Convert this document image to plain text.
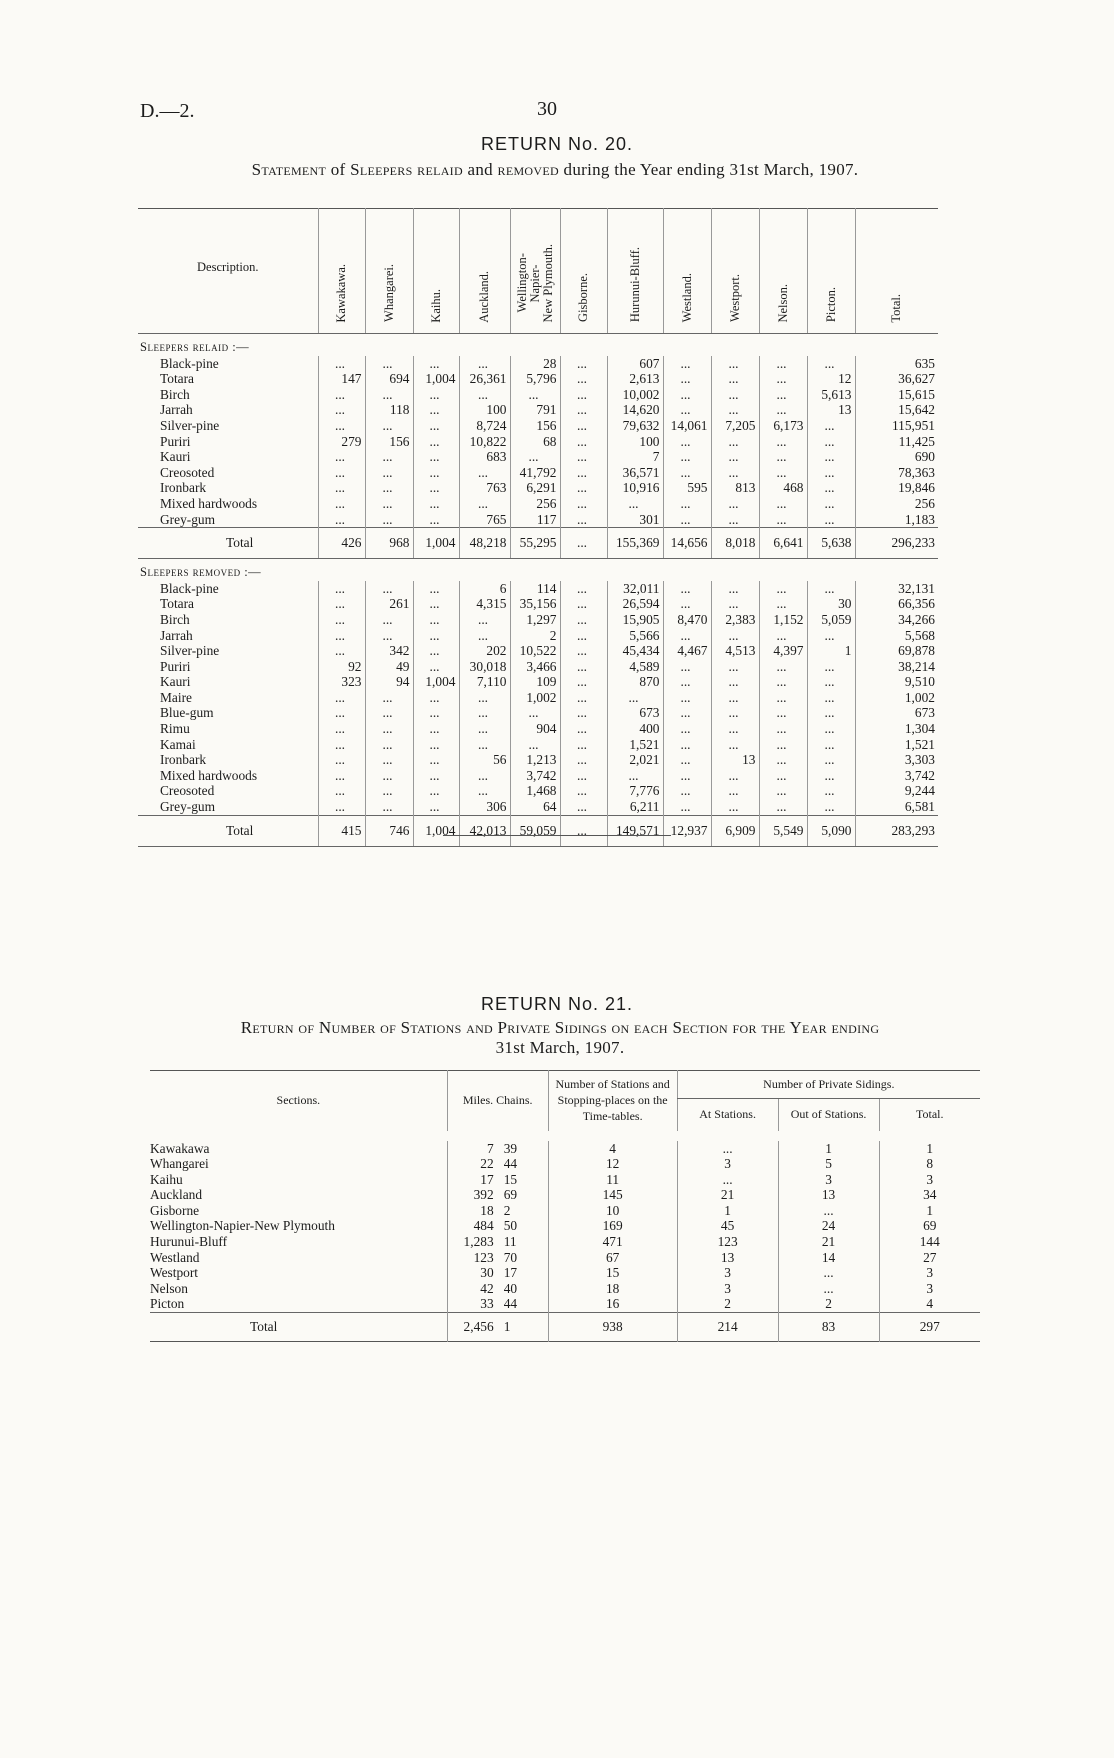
D.—2.	30
RETURN No. 20.
Statement of Sleepers relaid and removed during the Year ending 31st March, 1907.
Description.	Kawakawa.	Whangarei.	Kaihu.	Auckland.	Wellington-
Napier-
New Plymouth.	Gisborne.	Hurunui-Bluff.	Westland.	Westport.	Nelson.	Picton.	Total.
Sleepers relaid :—												
Black-pine	...	...	...	...	28	...	607	...	...	...	...	635
Totara	147	694	1,004	26,361	5,796	...	2,613	...	...	...	12	36,627
Birch	...	...	...	...	...	...	10,002	...	...	...	5,613	15,615
Jarrah	...	118	...	100	791	...	14,620	...	...	...	13	15,642
Silver-pine	...	...	...	8,724	156	...	79,632	14,061	7,205	6,173	...	115,951
Puriri	279	156	...	10,822	68	...	100	...	...	...	...	11,425
Kauri	...	...	...	683	...	...	7	...	...	...	...	690
Creosoted	...	...	...	...	41,792	...	36,571	...	...	...	...	78,363
Ironbark	...	...	...	763	6,291	...	10,916	595	813	468	...	19,846
Mixed hardwoods	...	...	...	...	256	...	...	...	...	...	...	256
Grey-gum	...	...	...	765	117	...	301	...	...	...	...	1,183
Total	426	968	1,004	48,218	55,295	...	155,369	14,656	8,018	6,641	5,638	296,233
Sleepers removed :—												
Black-pine	...	...	...	6	114	...	32,011	...	...	...	...	32,131
Totara	...	261	...	4,315	35,156	...	26,594	...	...	...	30	66,356
Birch	...	...	...	...	1,297	...	15,905	8,470	2,383	1,152	5,059	34,266
Jarrah	...	...	...	...	2	...	5,566	...	...	...	...	5,568
Silver-pine	...	342	...	202	10,522	...	45,434	4,467	4,513	4,397	1	69,878
Puriri	92	49	...	30,018	3,466	...	4,589	...	...	...	...	38,214
Kauri	323	94	1,004	7,110	109	...	870	...	...	...	...	9,510
Maire	...	...	...	...	1,002	...	...	...	...	...	...	1,002
Blue-gum	...	...	...	...	...	...	673	...	...	...	...	673
Rimu	...	...	...	...	904	...	400	...	...	...	...	1,304
Kamai	...	...	...	...	...	...	1,521	...	...	...	...	1,521
Ironbark	...	...	...	56	1,213	...	2,021	...	13	...	...	3,303
Mixed hardwoods	...	...	...	...	3,742	...	...	...	...	...	...	3,742
Creosoted	...	...	...	...	1,468	...	7,776	...	...	...	...	9,244
Grey-gum	...	...	...	306	64	...	6,211	...	...	...	...	6,581
Total	415	746	1,004	42,013	59,059	...	149,571	12,937	6,909	5,549	5,090	283,293
RETURN No. 21.
Return of Number of Stations and Private Sidings on each Section for the Year ending
31st March, 1907.
Sections.	Miles. Chains.		Number of Stations and Stopping-places on the Time-tables.	Number of Private Sidings.		
				At Stations.	Out of Stations.	Total.

Kawakawa	7	39	4	...	1	1
Whangarei	22	44	12	3	5	8
Kaihu	17	15	11	...	3	3
Auckland	392	69	145	21	13	34
Gisborne	18	2	10	1	...	1
Wellington-Napier-New Plymouth	484	50	169	45	24	69
Hurunui-Bluff	1,283	11	471	123	21	144
Westland	123	70	67	13	14	27
Westport	30	17	15	3	...	3
Nelson	42	40	18	3	...	3
Picton	33	44	16	2	2	4
Total	2,456	1	938	214	83	297
